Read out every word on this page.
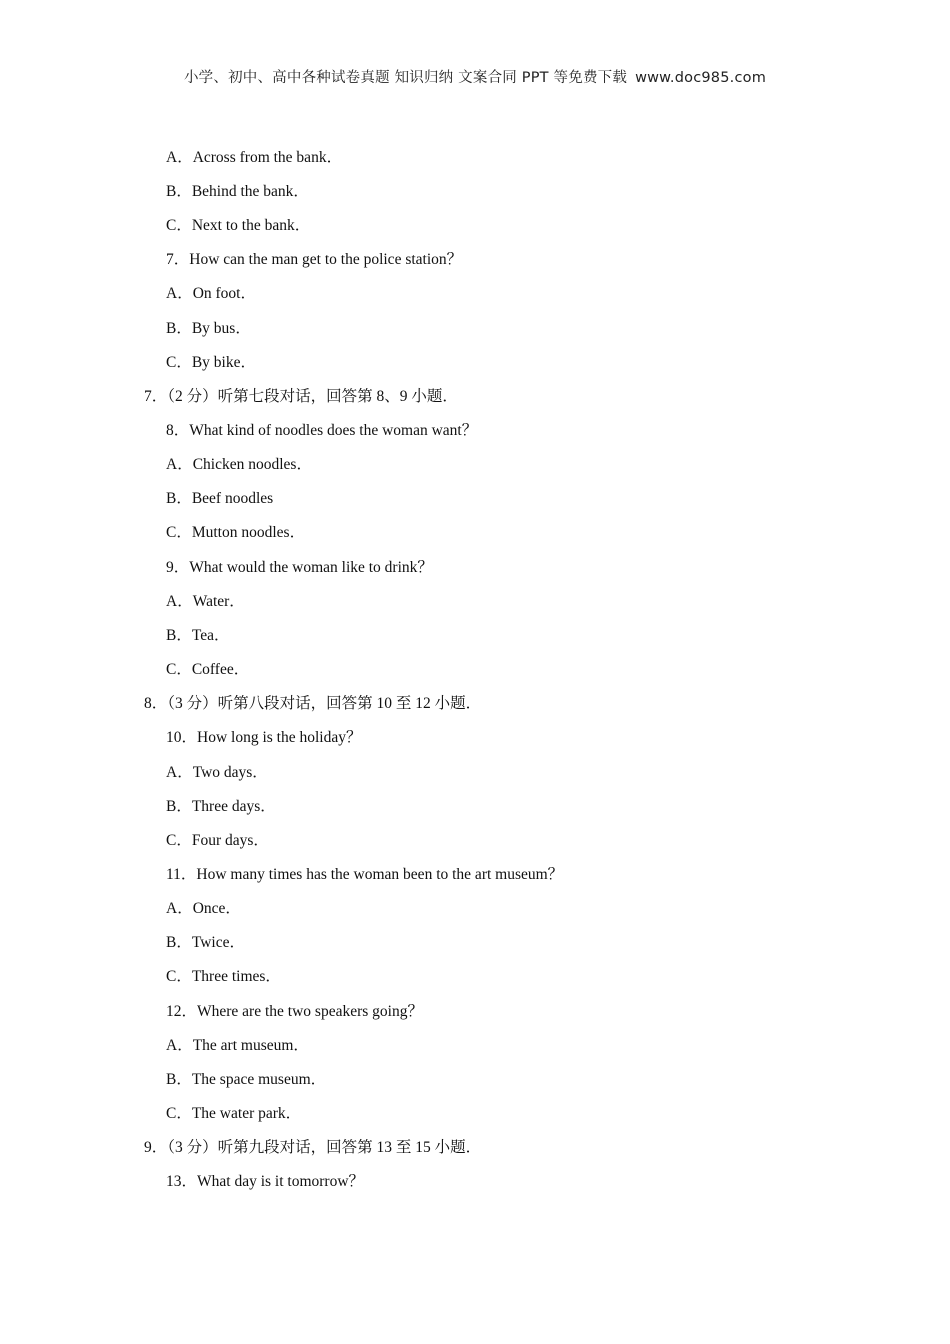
小学、初中、高中各种试卷真题 知识归纳 文案合同 PPT 等免费下载 www.doc985.com
A．Across from the bank．
B．Behind the bank．
C．Next to the bank．
7．How can the man get to the police station？
A．On foot．
B．By bus．
C．By bike．
7．（2 分）听第七段对话，回答第 8、9 小题．
8．What kind of noodles does the woman want？
A．Chicken noodles．
B．Beef noodles
C．Mutton noodles．
9．What would the woman like to drink？
A．Water．
B．Tea．
C．Coffee．
8．（3 分）听第八段对话，回答第 10 至 12 小题．
10．How long is the holiday？
A．Two days．
B．Three days．
C．Four days．
11．How many times has the woman been to the art museum？
A．Once．
B．Twice．
C．Three times．
12．Where are the two speakers going？
A．The art museum．
B．The space museum．
C．The water park．
9．（3 分）听第九段对话，回答第 13 至 15 小题．
13．What day is it tomorrow？
